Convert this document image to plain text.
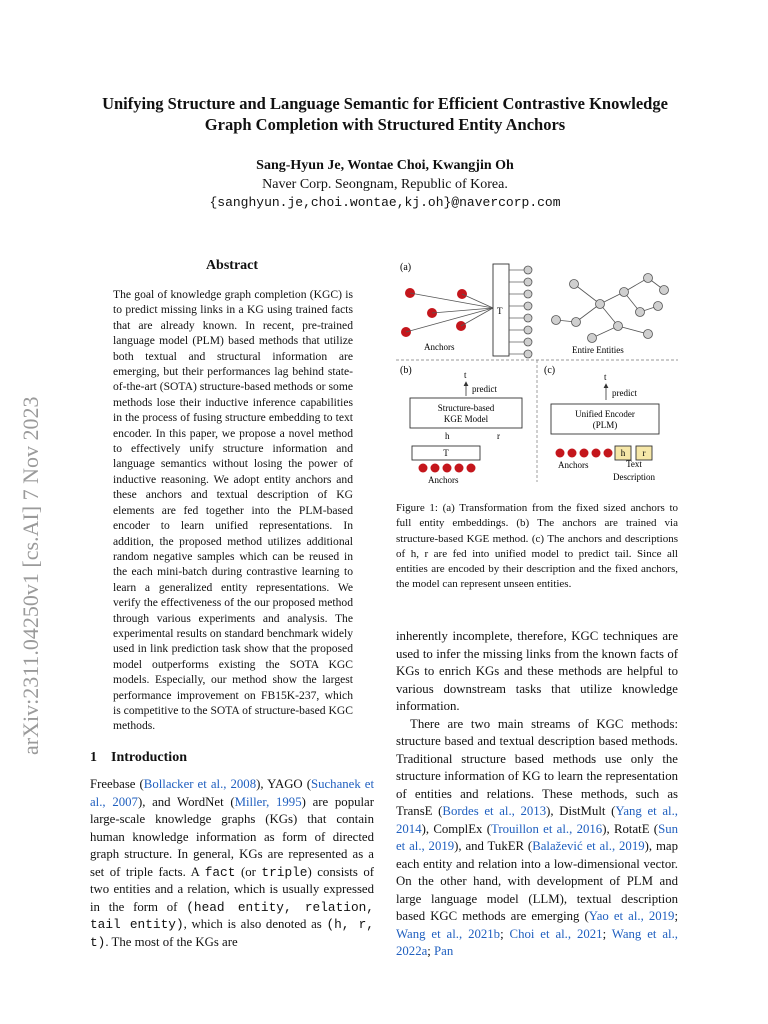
arXiv:2311.04250v1 [cs.AI] 7 Nov 2023
Unifying Structure and Language Semantic for Efficient Contrastive Knowledge Graph Completion with Structured Entity Anchors
Sang-Hyun Je, Wontae Choi, Kwangjin Oh
Naver Corp. Seongnam, Republic of Korea.
{sanghyun.je,choi.wontae,kj.oh}@navercorp.com
Abstract
The goal of knowledge graph completion (KGC) is to predict missing links in a KG using trained facts that are already known. In recent, pre-trained language model (PLM) based methods that utilize both textual and structural information are emerging, but their performances lag behind state-of-the-art (SOTA) structure-based methods or some methods lose their inductive inference capabilities in the process of fusing structure embedding to text encoder. In this paper, we propose a novel method to effectively unify structure information and language semantics without losing the power of inductive reasoning. We adopt entity anchors and these anchors and textual description of KG elements are fed together into the PLM-based encoder to learn unified representations. In addition, the proposed method utilizes additional random negative samples which can be reused in the each mini-batch during contrastive learning to learn a generalized entity representations. We verify the effectiveness of the our proposed method through various experiments and analysis. The experimental results on standard benchmark widely used in link prediction task show that the proposed model outperforms existing the SOTA KGC models. Especially, our method show the largest performance improvement on FB15K-237, which is competitive to the SOTA of structure-based KGC methods.
1 Introduction

Freebase (Bollacker et al., 2008), YAGO (Suchanek et al., 2007), and WordNet (Miller, 1995) are popular large-scale knowledge graphs (KGs) that contain human knowledge information as form of directed graph structure. In general, KGs are represented as a set of triple facts. A fact (or triple) consists of two entities and a relation, which is usually expressed in the form of (head entity, relation, tail entity), which is also denoted as (h, r, t). The most of the KGs are

(a)
T
Anchors	Entire Entities
(b)	t
predict
Structure-based
KGE Model
h	r
T
Anchors
(c)
t
predict
Unified Encoder
(PLM)
h r
Anchors	Text
Description
Figure 1: (a) Transformation from the fixed sized anchors to full entity embeddings. (b) The anchors are trained via structure-based KGE method. (c) The anchors and descriptions of h, r are fed into unified model to predict tail. Since all entities are encoded by their description and the fixed anchors, the model can represent unseen entities.

inherently incomplete, therefore, KGC techniques are used to infer the missing links from the known facts of KGs to enrich KGs and these methods are helpful to various downstream tasks that utilize knowledge information.

There are two main streams of KGC methods: structure based and textual description based methods. Traditional structure based methods use only the structure information of KG to learn the representation of entities and relations. These methods, such as TransE (Bordes et al., 2013), DistMult (Yang et al., 2014), ComplEx (Trouillon et al., 2016), RotatE (Sun et al., 2019), and TukER (Balažević et al., 2019), map each entity and relation into a low-dimensional vector. On the other hand, with development of PLM and large language model (LLM), textual description based KGC methods are emerging (Yao et al., 2019; Wang et al., 2021b; Choi et al., 2021; Wang et al., 2022a; Pan
